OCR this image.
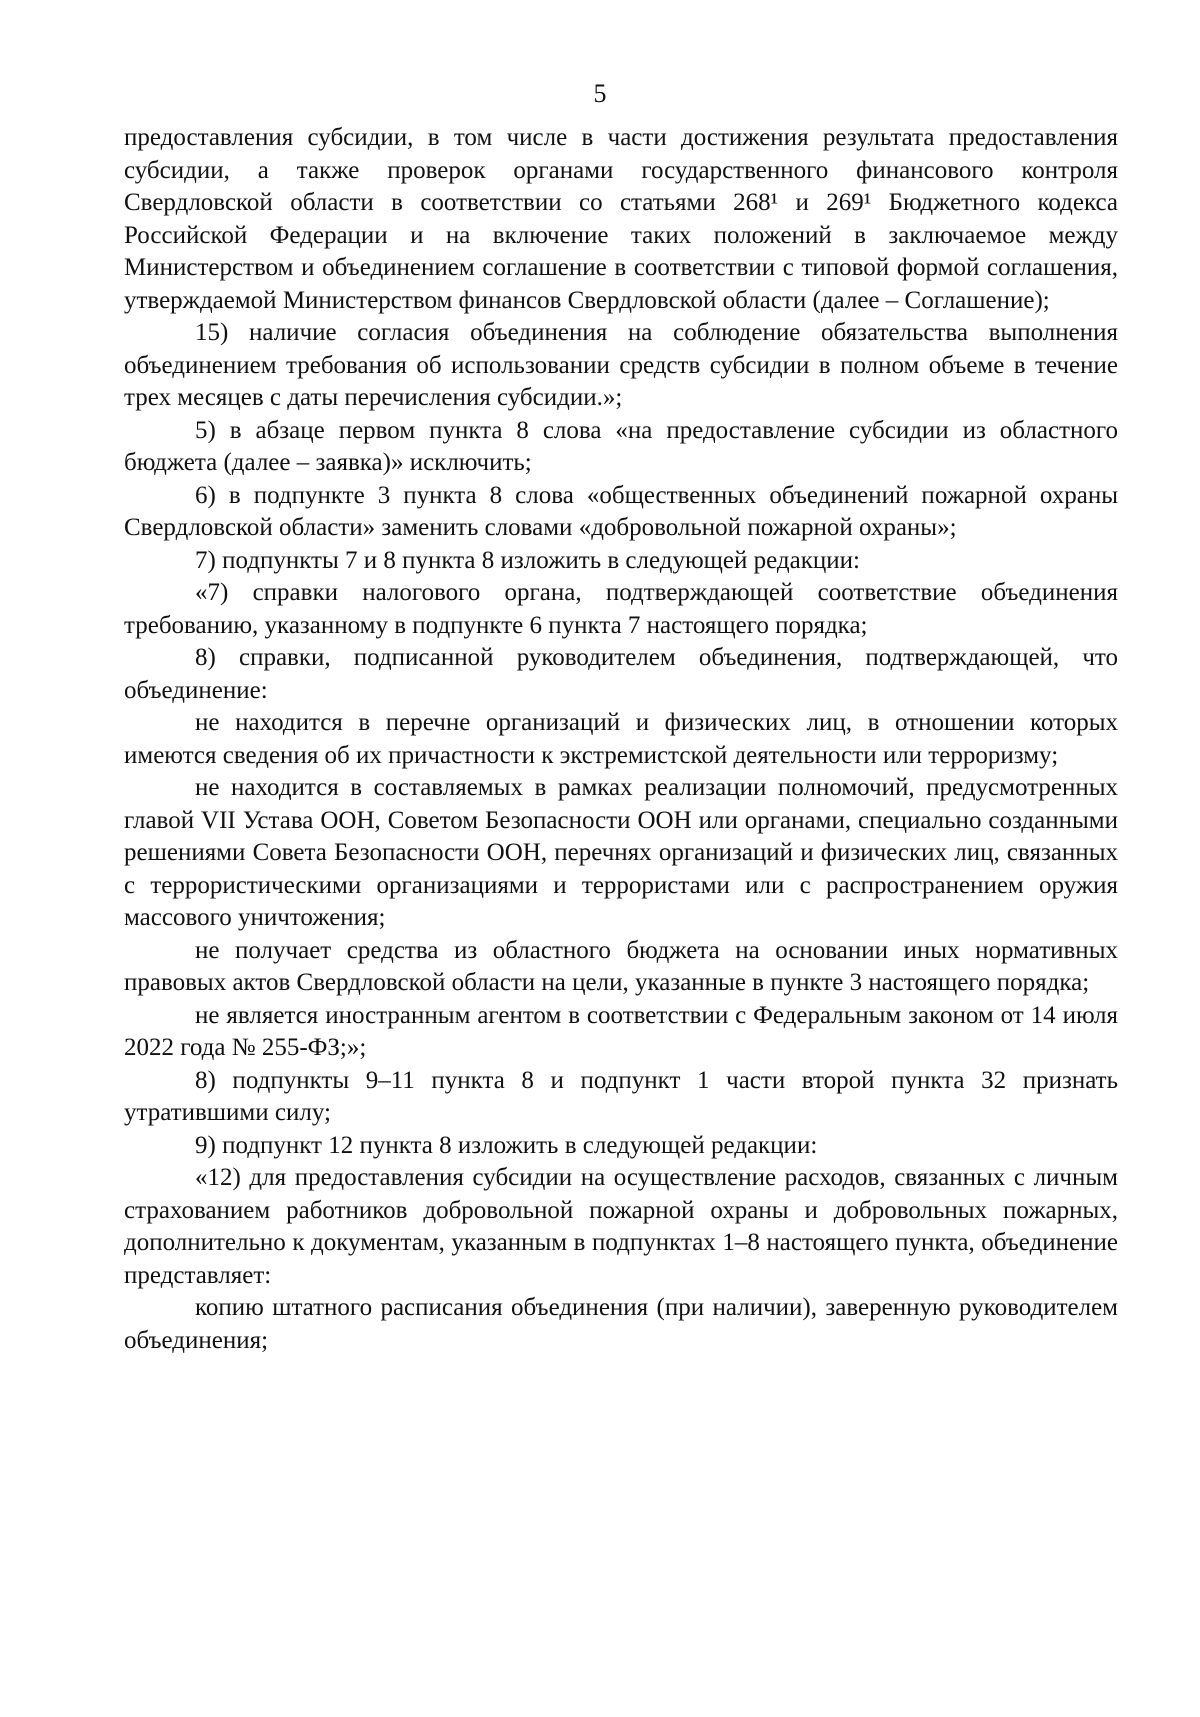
5

предоставления субсидии, в том числе в части достижения результата предоставления субсидии, а также проверок органами государственного финансового контроля Свердловской области в соответствии со статьями 268¹ и 269¹ Бюджетного кодекса Российской Федерации и на включение таких положений в заключаемое между Министерством и объединением соглашение в соответствии с типовой формой соглашения, утверждаемой Министерством финансов Свердловской области (далее – Соглашение);

15) наличие согласия объединения на соблюдение обязательства выполнения объединением требования об использовании средств субсидии в полном объеме в течение трех месяцев с даты перечисления субсидии.»;

5) в абзаце первом пункта 8 слова «на предоставление субсидии из областного бюджета (далее – заявка)» исключить;

6) в подпункте 3 пункта 8 слова «общественных объединений пожарной охраны Свердловской области» заменить словами «добровольной пожарной охраны»;

7) подпункты 7 и 8 пункта 8 изложить в следующей редакции:

«7) справки налогового органа, подтверждающей соответствие объединения требованию, указанному в подпункте 6 пункта 7 настоящего порядка;

8) справки, подписанной руководителем объединения, подтверждающей, что объединение:

не находится в перечне организаций и физических лиц, в отношении которых имеются сведения об их причастности к экстремистской деятельности или терроризму;

не находится в составляемых в рамках реализации полномочий, предусмотренных главой VII Устава ООН, Советом Безопасности ООН или органами, специально созданными решениями Совета Безопасности ООН, перечнях организаций и физических лиц, связанных с террористическими организациями и террористами или с распространением оружия массового уничтожения;

не получает средства из областного бюджета на основании иных нормативных правовых актов Свердловской области на цели, указанные в пункте 3 настоящего порядка;

не является иностранным агентом в соответствии с Федеральным законом от 14 июля 2022 года № 255-ФЗ;»;

8) подпункты 9–11 пункта 8 и подпункт 1 части второй пункта 32 признать утратившими силу;

9) подпункт 12 пункта 8 изложить в следующей редакции:

«12) для предоставления субсидии на осуществление расходов, связанных с личным страхованием работников добровольной пожарной охраны и добровольных пожарных, дополнительно к документам, указанным в подпунктах 1–8 настоящего пункта, объединение представляет:

копию штатного расписания объединения (при наличии), заверенную руководителем объединения;
